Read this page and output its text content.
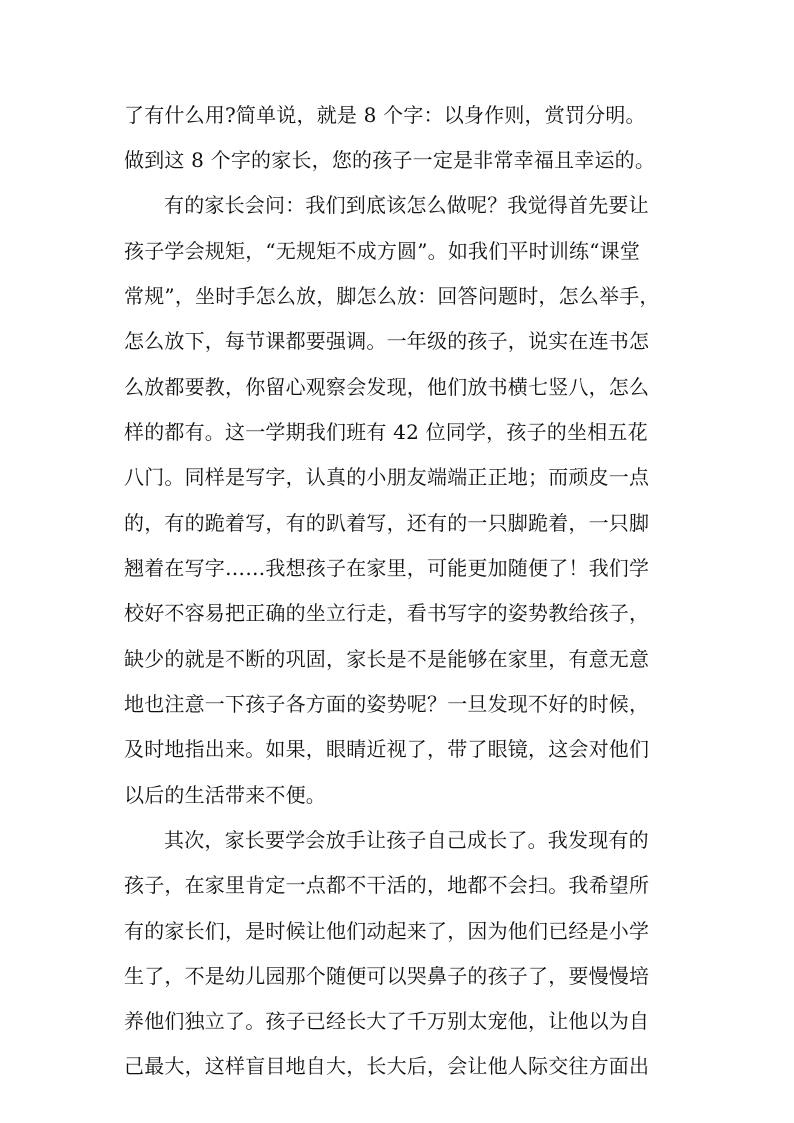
了有什么用?简单说，就是 8 个字：以身作则，赏罚分明。
做到这 8 个字的家长，您的孩子一定是非常幸福且幸运的。
有的家长会问：我们到底该怎么做呢？我觉得首先要让
孩子学会规矩，“无规矩不成方圆”。如我们平时训练“课堂
常规”，坐时手怎么放，脚怎么放：回答问题时，怎么举手，
怎么放下，每节课都要强调。一年级的孩子，说实在连书怎
么放都要教，你留心观察会发现，他们放书横七竖八，怎么
样的都有。这一学期我们班有 42 位同学，孩子的坐相五花
八门。同样是写字，认真的小朋友端端正正地；而顽皮一点
的，有的跪着写，有的趴着写，还有的一只脚跪着，一只脚
翘着在写字……我想孩子在家里，可能更加随便了！我们学
校好不容易把正确的坐立行走，看书写字的姿势教给孩子，
缺少的就是不断的巩固，家长是不是能够在家里，有意无意
地也注意一下孩子各方面的姿势呢？一旦发现不好的时候，
及时地指出来。如果，眼睛近视了，带了眼镜，这会对他们
以后的生活带来不便。
其次，家长要学会放手让孩子自己成长了。我发现有的
孩子，在家里肯定一点都不干活的，地都不会扫。我希望所
有的家长们，是时候让他们动起来了，因为他们已经是小学
生了，不是幼儿园那个随便可以哭鼻子的孩子了，要慢慢培
养他们独立了。孩子已经长大了千万别太宠他，让他以为自
己最大，这样盲目地自大，长大后，会让他人际交往方面出
